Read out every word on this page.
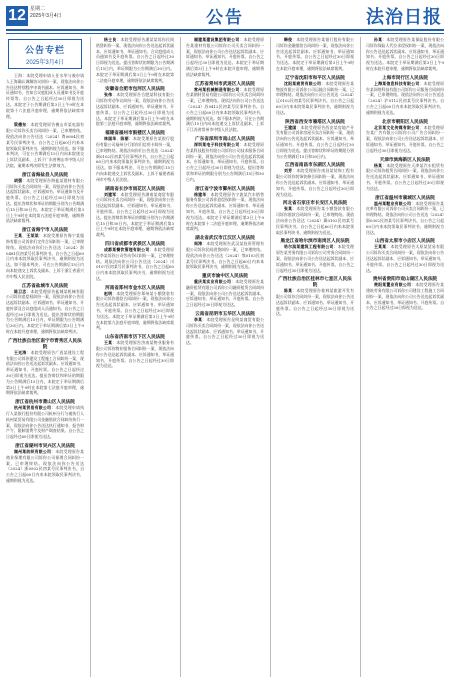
12 星期二
2025年3月4日	公告	法治日报
公告专栏
2025年3月4日
王海：本院受理申请人任水华与被申请人王海确认调解协议纠纷一案，现依法向你公告送达特别程序申请书副本、应诉通知书、举证通知书、告知合议庭组成人员通知书及开庭传票等。自公告之日起经过30日即视为送达。本院定于公告期满后第3日上午9时在本院第十六法庭开庭审理，逾期将依法缺席审理。
梁德东：本院受理原告佛山市某电器有限公司诉你买卖合同纠纷一案，已审理终结。现依法向你公告送达（2024）粤0604民初某号民事判决书。自公告之日起60日内来本院领取民事判决书，逾期则视为送达。如不服本判决，可在公告期满后15日内向本院递交上诉状及副本，上诉于广东省佛山市中级人民法院。逾期本判决即发生法律效力。
浙江省海盐县人民法院
胡强：本院受理原告海盐某建材有限公司诉你买卖合同纠纷一案，现依法向你公告送达起诉状副本、应诉通知书、举证通知书及开庭传票。自公告之日起经过30日即视为送达。提出答辩状和举证的期限分别为公告期满后15日和30日内。本院定于举证期满后第3日上午9时在本院第五法庭开庭审理，逾期将依法缺席裁判。
浙江省海宁市人民法院
王某、王某某：本院受理原告海宁某服饰有限公司诉你们定作合同纠纷一案，已审理终结。现依法向你们公告送达（2024）浙0481民初某号民事判决书。自公告之日起60日内来本院领取民事判决书，逾期则视为送达。如不服本判决，可在公告期满后15日内向本院递交上诉状及副本，上诉于浙江省嘉兴市中级人民法院。
江苏省盐城市人民法院
陈卫忠：本院受理原告盐城某机械有限公司诉你追偿权纠纷一案，现依法向你公告送达起诉状副本、应诉通知书、举证通知书、开庭传票及合议庭组成人员通知书。自公告之日起经过30日即视为送达。提出答辩状的期限为公告期满后15日内，举证期限为公告期满后30日内。本院定于举证期满后第3日上午9时在本院开庭审理，逾期将依法缺席判决。
广西壮族自治区南宁市青秀区人民法院
王光涛：本院受理原告广西某建设工程有限公司诉你建设工程施工合同纠纷一案，现依法向你公告送达起诉状副本、应诉通知书、举证通知书、开庭传票。自公告之日起经过30日即视为送达。提出答辩状和举证的期限为公告期满后15日内。本院定于举证期满后第3日上午9时在本院第七法庭开庭审理，逾期将依法缺席裁判。
浙江省杭州市萧山区人民法院
杭州某贸易有限公司：本院受理申请执行人某银行股份有限公司杭州分行与被执行人杭州某贸易有限公司金融借款合同纠纷执行一案，现依法向你公告送达执行通知书、报告财产令、限制消费令及财产调查结果。自公告之日起经过60日即视为送达。
浙江省湖州市吴兴区人民法院
湖州某纺织有限公司：本院受理原告某商业保理有限公司诉你公司保理合同纠纷一案，已审理终结。现依法向你公告送达（2024）浙0502民初某号民事判决书。自公告之日起60日内来本院领取民事判决书，逾期则视为送达。
杨士良：本院受理原告潘某某诉你民间借贷纠纷一案，现依法向你公告送达起诉状副本、应诉通知书、举证通知书、合议庭组成人员通知书及开庭传票。自公告之日起经过30日即视为送达。提出答辩状的期限为公告期满后15日内，举证期限为公告期满后30日内。本院定于举证期满后第3日上午9时在本院第二法庭开庭审理，逾期将依法缺席裁判。
安徽省合肥市包河区人民法院
张伟：本院受理原告合肥某科技有限公司诉你劳动争议纠纷一案，现依法向你公告送达起诉状副本、应诉通知书、举证通知书、开庭传票。自公告之日起经过30日即视为送达。本院定于举证期满后第3日上午9时在本院第三法庭开庭审理，逾期将依法缺席裁判。
福建省福州市鼓楼区人民法院
林国华、陈丽：本院受理原告某银行股份有限公司福州分行诉你们信用卡纠纷一案，已审理终结。现依法向你们公告送达（2024）闽0102民初某号民事判决书。自公告之日起60日内来本院领取民事判决书，逾期则视为送达。如不服本判决，可在公告期满后15日内向本院递交上诉状及副本，上诉于福建省福州市中级人民法院。
湖南省长沙市雨花区人民法院
刘建军：本院受理原告湖南某商贸有限公司诉你买卖合同纠纷一案，现依法向你公告送达起诉状副本、应诉通知书、举证通知书、开庭传票。自公告之日起经过30日即视为送达。提出答辩状和举证的期限分别为公告期满后15日和30日内。本院定于举证期满后第3日上午9时在本院开庭审理，逾期将依法缺席裁判。
四川省成都市武侯区人民法院
成都某餐饮管理有限公司：本院受理原告李某诉你公司劳动争议纠纷一案，已审理终结。现依法向你公司公告送达（2024）川0107民初某号民事判决书。自公告之日起60日内来本院领取民事判决书，逾期则视为送达。
河南省郑州市金水区人民法院
赵明：本院受理原告郑州某小额贷款有限公司诉你借款合同纠纷一案，现依法向你公告送达起诉状副本、应诉通知书、举证通知书、开庭传票。自公告之日起经过30日即视为送达。本院定于举证期满后第3日上午9时在本院第九法庭开庭审理，逾期将依法缺席裁判。
山东省济南市历下区人民法院
王某：本院受理原告济南某物业服务有限公司诉你物业服务合同纠纷一案，现依法向你公告送达起诉状副本、应诉通知书、举证通知书、开庭传票。自公告之日起经过30日即视为送达。
福建某建设集团有限公司：本院受理原告某建材有限公司诉你公司买卖合同纠纷一案，现依法向你公司公告送达起诉状副本、应诉通知书、举证通知书、开庭传票。自公告之日起经过30日即视为送达。本院定于举证期满后第3日上午9时在本院开庭审理，逾期将依法缺席裁判。
江苏省常州市武进区人民法院
常州某机械制造有限公司：本院受理原告某钢材贸易有限公司诉你公司买卖合同纠纷一案，已审理终结。现依法向你公司公告送达（2024）苏0412民初某号民事判决书。自公告之日起60日内来本院领取民事判决书，逾期则视为送达。如不服本判决，可在公告期满后15日内向本院递交上诉状及副本，上诉于江苏省常州市中级人民法院。
广东省深圳市南山区人民法院
深圳某电子科技有限公司：本院受理原告某科技股份有限公司诉你公司技术服务合同纠纷一案，现依法向你公司公告送达起诉状副本、应诉通知书、举证通知书、开庭传票。自公告之日起经过30日即视为送达。提出答辩状和举证的期限分别为公告期满后15日和30日内。
浙江省宁波市鄞州区人民法院
徐建华：本院受理原告宁波某汽车销售服务有限公司诉你追偿权纠纷一案，现依法向你公告送达起诉状副本、应诉通知书、举证通知书、开庭传票。自公告之日起经过30日即视为送达。本院定于举证期满后第3日上午9时在本院第十二法庭开庭审理，逾期将依法缺席裁判。
湖北省武汉市江汉区人民法院
周涛：本院受理原告武汉某投资管理有限公司诉你民间借贷纠纷一案，已审理终结。现依法向你公告送达（2024）鄂0103民初某号民事判决书。自公告之日起60日内来本院领取民事判决书，逾期则视为送达。
重庆市渝中区人民法院
重庆某实业有限公司：本院受理原告某融资租赁有限公司诉你公司融资租赁合同纠纷一案，现依法向你公司公告送达起诉状副本、应诉通知书、举证通知书、开庭传票。自公告之日起经过30日即视为送达。
云南省昆明市五华区人民法院
李某：本院受理原告昆明某商贸有限公司诉你买卖合同纠纷一案，现依法向你公告送达起诉状副本、应诉通知书、举证通知书、开庭传票。自公告之日起经过30日即视为送达。
韩俊：本院受理原告某银行股份有限公司诉你金融借款合同纠纷一案，现依法向你公告送达起诉状副本、应诉通知书、举证通知书、开庭传票。自公告之日起经过30日即视为送达。本院定于举证期满后第3日上午9时在本院开庭审理，逾期将依法缺席裁判。
辽宁省沈阳市和平区人民法院
沈阳某商贸有限公司：本院受理原告某物流有限公司诉你公司运输合同纠纷一案，已审理终结。现依法向你公司公告送达（2024）辽0102民初某号民事判决书。自公告之日起60日内来本院领取民事判决书，逾期则视为送达。
陕西省西安市雁塔区人民法院
王建国：本院受理原告西安某房地产开发有限公司诉你房屋买卖合同纠纷一案，现依法向你公告送达起诉状副本、应诉通知书、举证通知书、开庭传票。自公告之日起经过30日即视为送达。提出答辩状和举证的期限分别为公告期满后15日和30日内。
江西省南昌市东湖区人民法院
刘芳：本院受理原告南昌某装饰工程有限公司诉你装饰装修合同纠纷一案，现依法向你公告送达起诉状副本、应诉通知书、举证通知书、开庭传票。自公告之日起经过30日即视为送达。
河北省石家庄市长安区人民法院
张某：本院受理原告某小额贷款有限公司诉你借款合同纠纷一案，已审理终结。现依法向你公告送达（2024）冀0102民初某号民事判决书。自公告之日起60日内来本院领取民事判决书，逾期则视为送达。
黑龙江省哈尔滨市南岗区人民法院
哈尔滨某建筑工程有限公司：本院受理原告某劳务有限公司诉你公司劳务合同纠纷一案，现依法向你公司公告送达起诉状副本、应诉通知书、举证通知书、开庭传票。自公告之日起经过30日即视为送达。
广西壮族自治区桂林市七星区人民法院
陈某：本院受理原告桂林某旅游开发有限公司诉你合同纠纷一案，现依法向你公告送达起诉状副本、应诉通知书、举证通知书、开庭传票。自公告之日起经过30日即视为送达。
孙某：本院受理原告某保险股份有限公司诉你保险人代位求偿权纠纷一案，现依法向你公告送达起诉状副本、应诉通知书、举证通知书、开庭传票。自公告之日起经过30日即视为送达。本院定于举证期满后第3日上午9时在本院开庭审理，逾期将依法缺席裁判。
上海市闵行区人民法院
上海某信息科技有限公司：本院受理原告某网络科技有限公司诉你公司服务合同纠纷一案，已审理终结。现依法向你公司公告送达（2024）沪0112民初某号民事判决书。自公告之日起60日内来本院领取民事判决书，逾期则视为送达。
北京市朝阳区人民法院
北京某文化传媒有限公司：本院受理原告某广告有限公司诉你公司广告合同纠纷一案，现依法向你公司公告送达起诉状副本、应诉通知书、举证通知书、开庭传票。自公告之日起经过30日即视为送达。
天津市滨海新区人民法院
杨某：本院受理原告天津某汽车租赁有限公司诉你租赁合同纠纷一案，现依法向你公告送达起诉状副本、应诉通知书、举证通知书、开庭传票。自公告之日起经过30日即视为送达。
浙江省温州市鹿城区人民法院
温州某鞋业有限公司：本院受理原告某皮革有限公司诉你公司买卖合同纠纷一案，已审理终结。现依法向你公司公告送达（2024）浙0302民初某号民事判决书。自公告之日起60日内来本院领取民事判决书，逾期则视为送达。
山西省太原市小店区人民法院
王某某：本院受理原告太原某贸易有限公司诉你买卖合同纠纷一案，现依法向你公告送达起诉状副本、应诉通知书、举证通知书、开庭传票。自公告之日起经过30日即视为送达。
贵州省贵阳市观山湖区人民法院
贵阳某置业有限公司：本院受理原告某建筑劳务有限公司诉你公司建设工程施工合同纠纷一案，现依法向你公司公告送达起诉状副本、应诉通知书、举证通知书、开庭传票。自公告之日起经过30日即视为送达。
